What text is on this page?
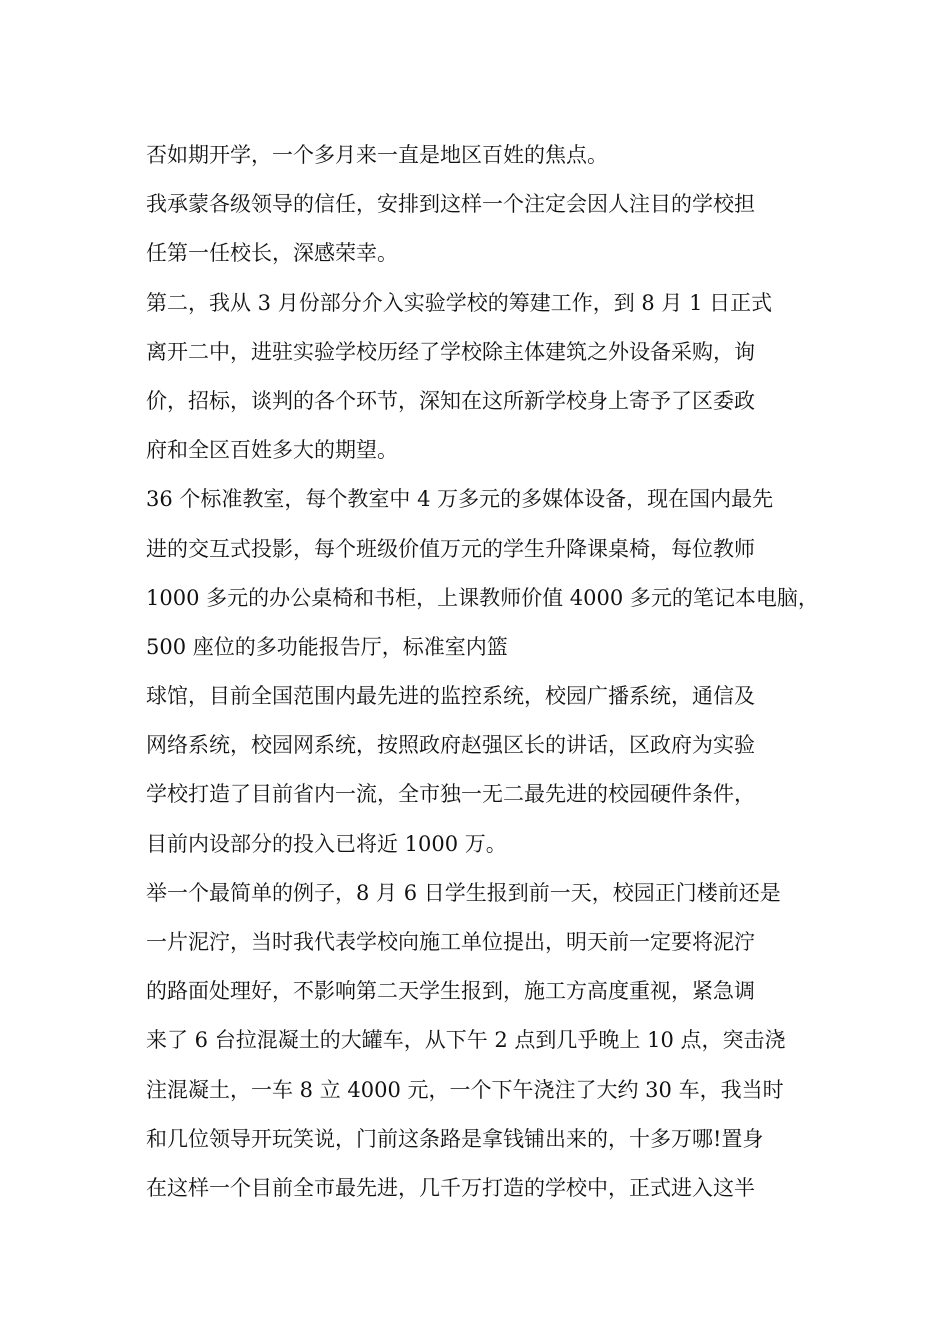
否如期开学，一个多月来一直是地区百姓的焦点。
我承蒙各级领导的信任，安排到这样一个注定会因人注目的学校担
任第一任校长，深感荣幸。
第二，我从 3 月份部分介入实验学校的筹建工作，到 8 月 1 日正式
离开二中，进驻实验学校历经了学校除主体建筑之外设备采购，询
价，招标，谈判的各个环节，深知在这所新学校身上寄予了区委政
府和全区百姓多大的期望。
36 个标准教室，每个教室中 4 万多元的多媒体设备，现在国内最先
进的交互式投影，每个班级价值万元的学生升降课桌椅，每位教师
1000 多元的办公桌椅和书柜，上课教师价值 4000 多元的笔记本电脑，
500 座位的多功能报告厅，标准室内篮
球馆，目前全国范围内最先进的监控系统，校园广播系统，通信及
网络系统，校园网系统，按照政府赵强区长的讲话，区政府为实验
学校打造了目前省内一流，全市独一无二最先进的校园硬件条件，
目前内设部分的投入已将近 1000 万。
举一个最简单的例子，8 月 6 日学生报到前一天，校园正门楼前还是
一片泥泞，当时我代表学校向施工单位提出，明天前一定要将泥泞
的路面处理好，不影响第二天学生报到，施工方高度重视，紧急调
来了 6 台拉混凝土的大罐车，从下午 2 点到几乎晚上 10 点，突击浇
注混凝土，一车 8 立 4000 元，一个下午浇注了大约 30 车，我当时
和几位领导开玩笑说，门前这条路是拿钱铺出来的，十多万哪!置身
在这样一个目前全市最先进，几千万打造的学校中，正式进入这半
